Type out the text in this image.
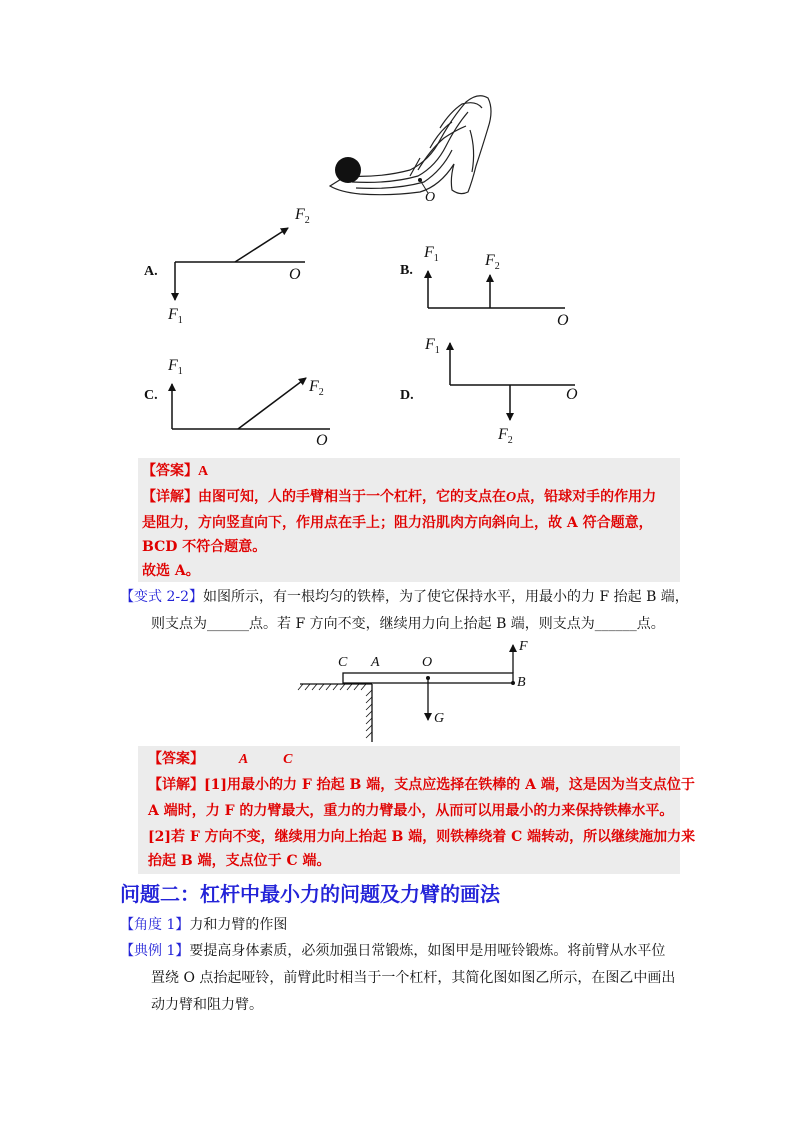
O
A.
$F_1$
$F_2$
O	B.
$F_1$	$F_2$
O
C.
$F_1$
$F_2$
O
D.
$F_1$
$F_2$
O
【答案】A
【详解】由图可知，人的手臂相当于一个杠杆，它的支点在O点，铅球对手的作用力
是阻力，方向竖直向下，作用点在手上；阻力沿肌肉方向斜向上，故 A 符合题意，
BCD 不符合题意。
故选 A。
【变式 2-2】如图所示，有一根均匀的铁棒，为了使它保持水平，用最小的力 F 抬起 B 端，
则支点为______点。若 F 方向不变，继续用力向上抬起 B 端，则支点为______点。
C A	O
F
B
G
【答案】 A C
【详解】[1]用最小的力 F 抬起 B 端，支点应选择在铁棒的 A 端，这是因为当支点位于
A 端时，力 F 的力臂最大，重力的力臂最小，从而可以用最小的力来保持铁棒水平。
[2]若 F 方向不变，继续用力向上抬起 B 端，则铁棒绕着 C 端转动，所以继续施加力来
抬起 B 端，支点位于 C 端。
问题二：杠杆中最小力的问题及力臂的画法
【角度 1】力和力臂的作图
【典例 1】要提高身体素质，必须加强日常锻炼，如图甲是用哑铃锻炼。将前臂从水平位
置绕 O 点抬起哑铃，前臂此时相当于一个杠杆，其简化图如图乙所示，在图乙中画出
动力臂和阻力臂。
